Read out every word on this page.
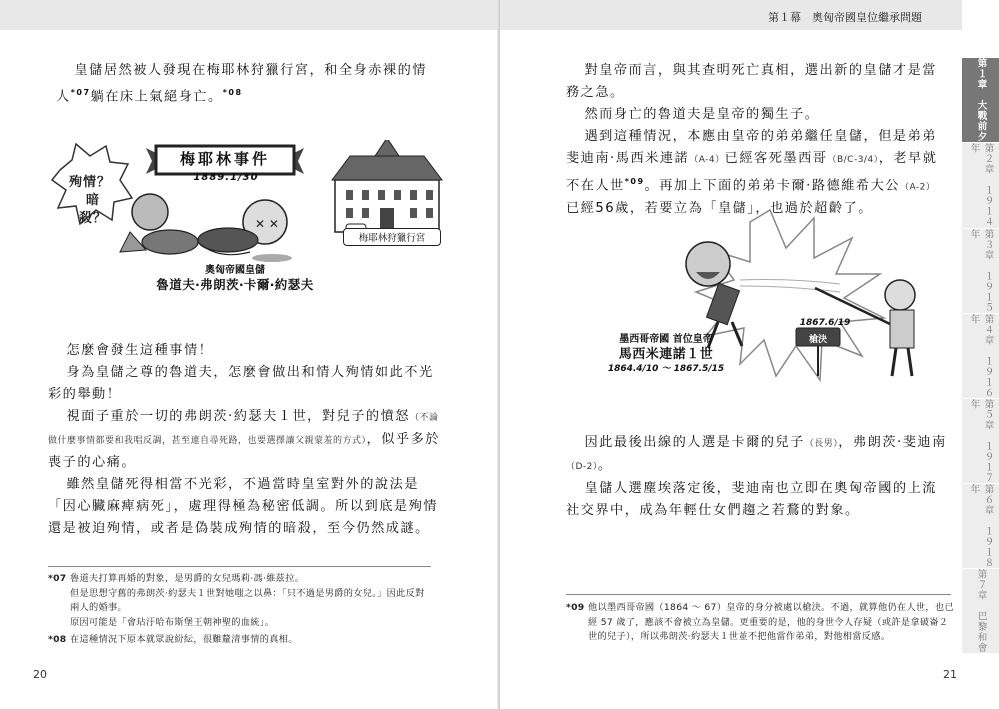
皇儲居然被人發現在梅耶林狩獵行宮，和全身赤裸的情人$^{*07}$躺在床上氣絕身亡。$^{*08}$

✕ ✕
殉情？
暗殺？
梅耶林事件
1889.1/30
梅耶林狩獵行宮
奧匈帝國皇儲
魯道夫‧弗朗茨‧卡爾‧約瑟夫

怎麼會發生這種事情！

身為皇儲之尊的魯道夫，怎麼會做出和情人殉情如此不光彩的舉動！

視面子重於一切的弗朗茨‧約瑟夫１世，對兒子的憤怒（不論做什麼事情都要和我唱反調，甚至連自尋死路，也要選擇讓父親蒙羞的方式），似乎多於喪子的心痛。

雖然皇儲死得相當不光彩，不過當時皇室對外的說法是「因心臟麻痺病死」，處理得極為秘密低調。所以到底是殉情還是被迫殉情，或者是偽裝成殉情的暗殺，至今仍然成謎。

*07 魯道夫打算再婚的對象，是男爵的女兒瑪莉‧馮‧維茲拉。

但是思想守舊的弗朗茨‧約瑟夫１世對她嗤之以鼻：「只不過是男爵的女兒。」因此反對兩人的婚事。

原因可能是「會玷汙哈布斯堡王朝神聖的血統」。

*08 在這種情況下原本就眾說紛紜，很難釐清事情的真相。

20
第１幕　奧匈帝國皇位繼承問題

對皇帝而言，與其查明死亡真相，選出新的皇儲才是當務之急。

然而身亡的魯道夫是皇帝的獨生子。

遇到這種情況，本應由皇帝的弟弟繼任皇儲，但是弟弟斐迪南‧馬西米連諾（A-4）已經客死墨西哥（B/C-3/4），老早就不在人世$^{*09}$。再加上下面的弟弟卡爾‧路德維希大公（A-2）已經56歲，若要立為「皇儲」，也過於超齡了。

1867.6/19
槍決
墨西哥帝國 首位皇帝
馬西米連諾１世
1864.4/10 ～ 1867.5/15

因此最後出線的人選是卡爾的兒子（長男），弗朗茨‧斐迪南（D-2）。

皇儲人選塵埃落定後，斐迪南也立即在奧匈帝國的上流社交界中，成為年輕仕女們趨之若鶩的對象。

*09 他以墨西哥帝國（1864 ～ 67）皇帝的身分被處以槍決。不過，就算他仍在人世，也已經 57 歲了，應該不會被立為皇儲。更重要的是，他的身世令人存疑（或許是拿破崙２世的兒子），所以弗朗茨‧約瑟夫１世並不把他當作弟弟，對他相當反感。

21
第１章　大戰前夕
第２章　１９１４年
第３章　１９１５年
第４章　１９１６年
第５章　１９１７年
第６章　１９１８年
第７章　巴黎和會
